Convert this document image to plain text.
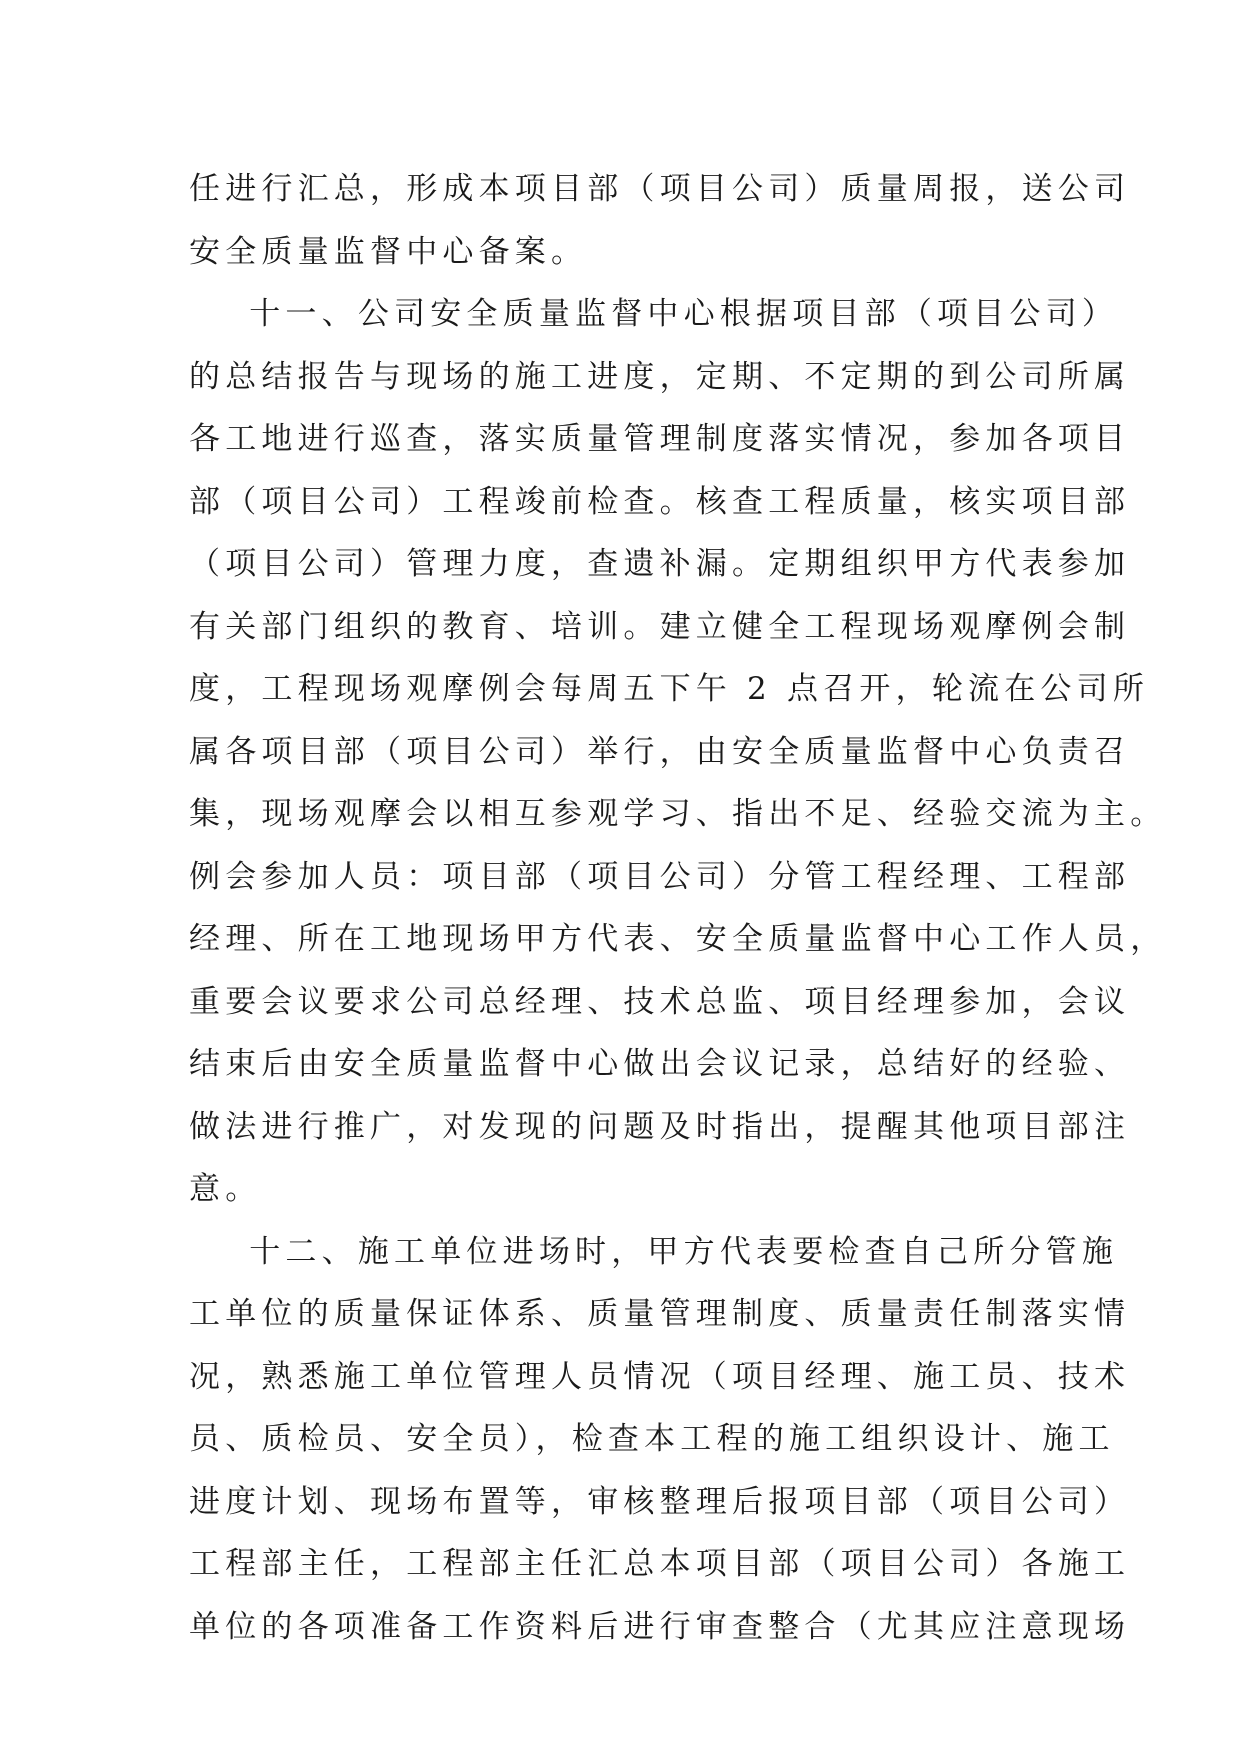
任进行汇总，形成本项目部（项目公司）质量周报，送公司
安全质量监督中心备案。
十一、公司安全质量监督中心根据项目部（项目公司）
的总结报告与现场的施工进度，定期、不定期的到公司所属
各工地进行巡查，落实质量管理制度落实情况，参加各项目
部（项目公司）工程竣前检查。核查工程质量，核实项目部
（项目公司）管理力度，查遗补漏。定期组织甲方代表参加
有关部门组织的教育、培训。建立健全工程现场观摩例会制
度，工程现场观摩例会每周五下午 2 点召开，轮流在公司所
属各项目部（项目公司）举行，由安全质量监督中心负责召
集，现场观摩会以相互参观学习、指出不足、经验交流为主。
例会参加人员：项目部（项目公司）分管工程经理、工程部
经理、所在工地现场甲方代表、安全质量监督中心工作人员，
重要会议要求公司总经理、技术总监、项目经理参加，会议
结束后由安全质量监督中心做出会议记录，总结好的经验、
做法进行推广，对发现的问题及时指出，提醒其他项目部注
意。
十二、施工单位进场时，甲方代表要检查自己所分管施
工单位的质量保证体系、质量管理制度、质量责任制落实情
况，熟悉施工单位管理人员情况（项目经理、施工员、技术
员、质检员、安全员），检查本工程的施工组织设计、施工
进度计划、现场布置等，审核整理后报项目部（项目公司）
工程部主任，工程部主任汇总本项目部（项目公司）各施工
单位的各项准备工作资料后进行审查整合（尤其应注意现场
